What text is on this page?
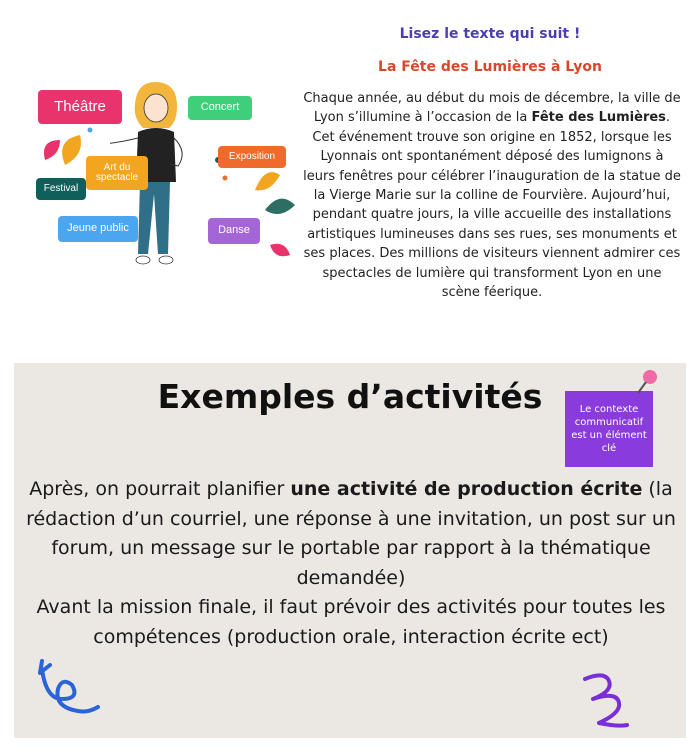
Théâtre	Concert
Art du spectacle
Exposition
Festival
Jeune public	Danse
Lisez le texte qui suit !
La Fête des Lumières à Lyon
Chaque année, au début du mois de décembre, la ville de Lyon s’illumine à l’occasion de la Fête des Lumières. Cet événement trouve son origine en 1852, lorsque les Lyonnais ont spontanément déposé des lumignons à leurs fenêtres pour célébrer l’inauguration de la statue de la Vierge Marie sur la colline de Fourvière. Aujourd’hui, pendant quatre jours, la ville accueille des installations artistiques lumineuses dans ses rues, ses monuments et ses places. Des millions de visiteurs viennent admirer ces spectacles de lumière qui transforment Lyon en une scène féerique.
Exemples d’activités	Le contexte communicatif est un élément clé
Après, on pourrait planifier une activité de production écrite (la rédaction d’un courriel, une réponse à une invitation, un post sur un forum, un message sur le portable par rapport à la thématique demandée)
Avant la mission finale, il faut prévoir des activités pour toutes les compétences (production orale, interaction écrite ect)
